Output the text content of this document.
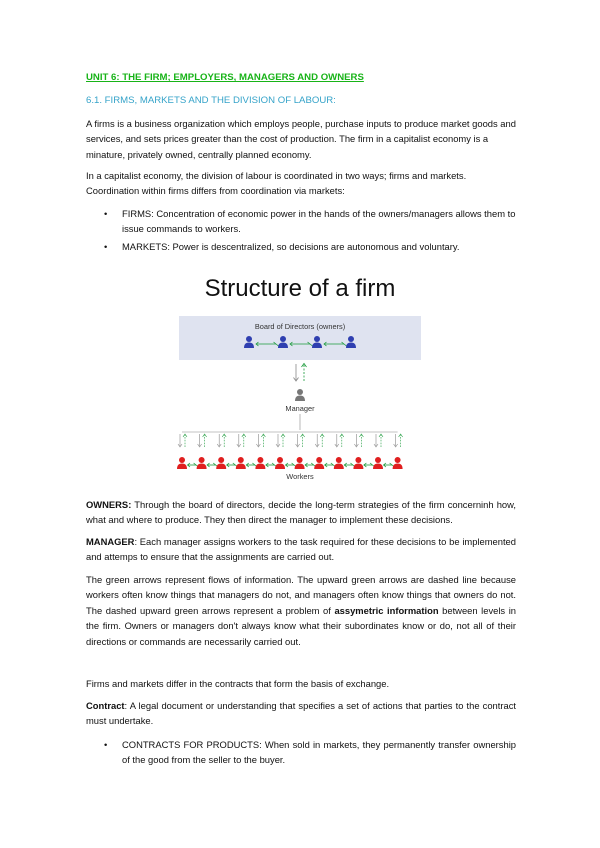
UNIT 6: THE FIRM; EMPLOYERS, MANAGERS AND OWNERS
6.1. FIRMS, MARKETS AND THE DIVISION OF LABOUR:

A firms is a business organization which employs people, purchase inputs to produce market goods and services, and sets prices greater than the cost of production. The firm in a capitalist economy is a minature, privately owned, centrally planned economy.

In a capitalist economy, the division of labour is coordinated in two ways; firms and markets. Coordination within firms differs from coordination via markets:

• FIRMS: Concentration of economic power in the hands of the owners/managers allows them to issue commands to workers.
• MARKETS: Power is descentralized, so decisions are autonomous and voluntary.
Structure of a firm
Board of Directors (owners)
Manager
Workers

OWNERS: Through the board of directors, decide the long-term strategies of the firm concerninh how, what and where to produce. They then direct the manager to implement these decisions.

MANAGER: Each manager assigns workers to the task required for these decisions to be implemented and attemps to ensure that the assignments are carried out.

The green arrows represent flows of information. The upward green arrows are dashed line because workers often know things that managers do not, and managers often know things that owners do not. The dashed upward green arrows represent a problem of assymetric information between levels in the firm. Owners or managers don't always know what their subordinates know or do, not all of their directions or commands are necessarily carried out.

Firms and markets differ in the contracts that form the basis of exchange.

Contract: A legal document or understanding that specifies a set of actions that parties to the contract must undertake.

• CONTRACTS FOR PRODUCTS: When sold in markets, they permanently transfer ownership of the good from the seller to the buyer.
